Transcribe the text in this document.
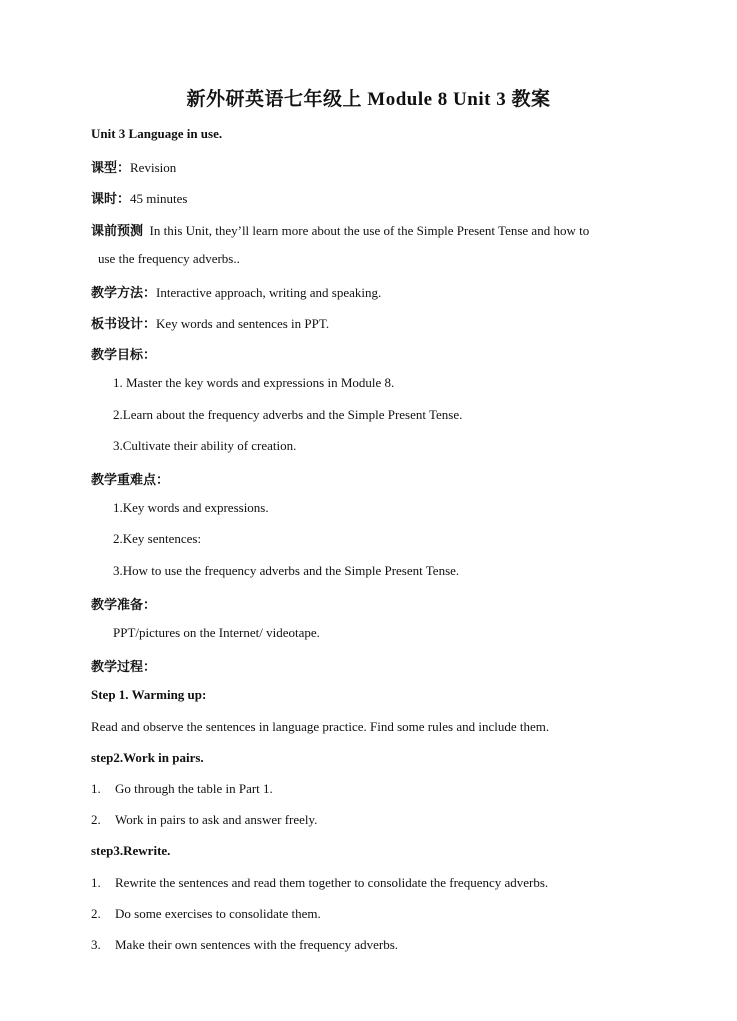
新外研英语七年级上 Module 8 Unit 3 教案
Unit 3 Language in use.
课型：Revision
课时：45 minutes
课前预测 In this Unit, they’ll learn more about the use of the Simple Present Tense and how to
use the frequency adverbs..
教学方法：Interactive approach, writing and speaking.
板书设计：Key words and sentences in PPT.
教学目标：
1. Master the key words and expressions in Module 8.
2.Learn about the frequency adverbs and the Simple Present Tense.
3.Cultivate their ability of creation.
教学重难点：
1.Key words and expressions.
2.Key sentences:
3.How to use the frequency adverbs and the Simple Present Tense.
教学准备：
PPT/pictures on the Internet/ videotape.
教学过程：
Step 1. Warming up:
Read and observe the sentences in language practice. Find some rules and include them.
step2.Work in pairs.
1. Go through the table in Part 1.
2. Work in pairs to ask and answer freely.
step3.Rewrite.
1. Rewrite the sentences and read them together to consolidate the frequency adverbs.
2. Do some exercises to consolidate them.
3. Make their own sentences with the frequency adverbs.
